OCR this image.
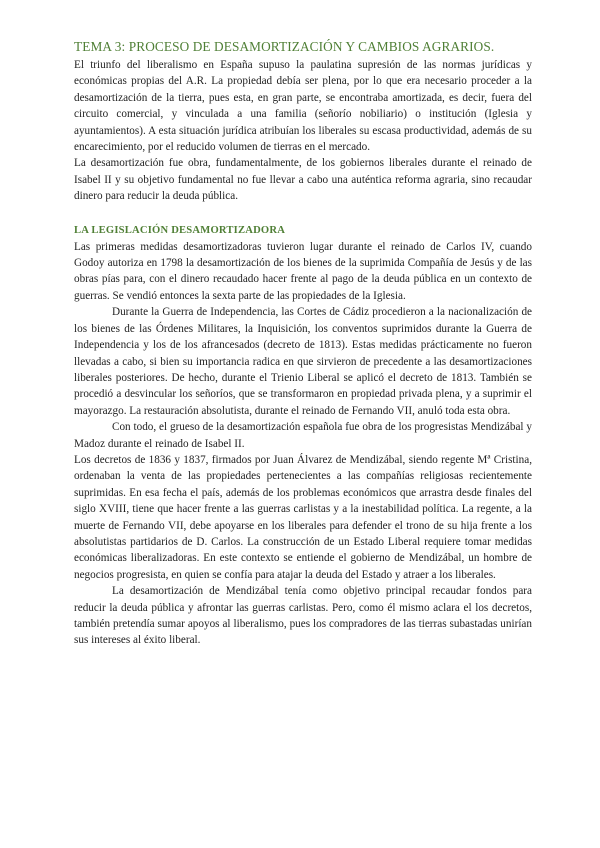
TEMA 3: PROCESO DE DESAMORTIZACIÓN Y CAMBIOS AGRARIOS.

El triunfo del liberalismo en España supuso la paulatina supresión de las normas jurídicas y económicas propias del A.R. La propiedad debía ser plena, por lo que era necesario proceder a la desamortización de la tierra, pues esta, en gran parte, se encontraba amortizada, es decir, fuera del circuito comercial, y vinculada a una familia (señorío nobiliario) o institución (Iglesia y ayuntamientos). A esta situación jurídica atribuían los liberales su escasa productividad, además de su encarecimiento, por el reducido volumen de tierras en el mercado.

La desamortización fue obra, fundamentalmente, de los gobiernos liberales durante el reinado de Isabel II y su objetivo fundamental no fue llevar a cabo una auténtica reforma agraria, sino recaudar dinero para reducir la deuda pública.

LA LEGISLACIÓN DESAMORTIZADORA

Las primeras medidas desamortizadoras tuvieron lugar durante el reinado de Carlos IV, cuando Godoy autoriza en 1798 la desamortización de los bienes de la suprimida Compañía de Jesús y de las obras pías para, con el dinero recaudado hacer frente al pago de la deuda pública en un contexto de guerras. Se vendió entonces la sexta parte de las propiedades de la Iglesia.

Durante la Guerra de Independencia, las Cortes de Cádiz procedieron a la nacionalización de los bienes de las Órdenes Militares, la Inquisición, los conventos suprimidos durante la Guerra de Independencia y los de los afrancesados (decreto de 1813). Estas medidas prácticamente no fueron llevadas a cabo, si bien su importancia radica en que sirvieron de precedente a las desamortizaciones liberales posteriores. De hecho, durante el Trienio Liberal se aplicó el decreto de 1813. También se procedió a desvincular los señoríos, que se transformaron en propiedad privada plena, y a suprimir el mayorazgo. La restauración absolutista, durante el reinado de Fernando VII, anuló toda esta obra.

Con todo, el grueso de la desamortización española fue obra de los progresistas Mendizábal y Madoz durante el reinado de Isabel II.

Los decretos de 1836 y 1837, firmados por Juan Álvarez de Mendizábal, siendo regente Mª Cristina, ordenaban la venta de las propiedades pertenecientes a las compañías religiosas recientemente suprimidas. En esa fecha el país, además de los problemas económicos que arrastra desde finales del siglo XVIII, tiene que hacer frente a las guerras carlistas y a la inestabilidad política. La regente, a la muerte de Fernando VII, debe apoyarse en los liberales para defender el trono de su hija frente a los absolutistas partidarios de D. Carlos. La construcción de un Estado Liberal requiere tomar medidas económicas liberalizadoras. En este contexto se entiende el gobierno de Mendizábal, un hombre de negocios progresista, en quien se confía para atajar la deuda del Estado y atraer a los liberales.

La desamortización de Mendizábal tenía como objetivo principal recaudar fondos para reducir la deuda pública y afrontar las guerras carlistas. Pero, como él mismo aclara el los decretos, también pretendía sumar apoyos al liberalismo, pues los compradores de las tierras subastadas unirían sus intereses al éxito liberal.
